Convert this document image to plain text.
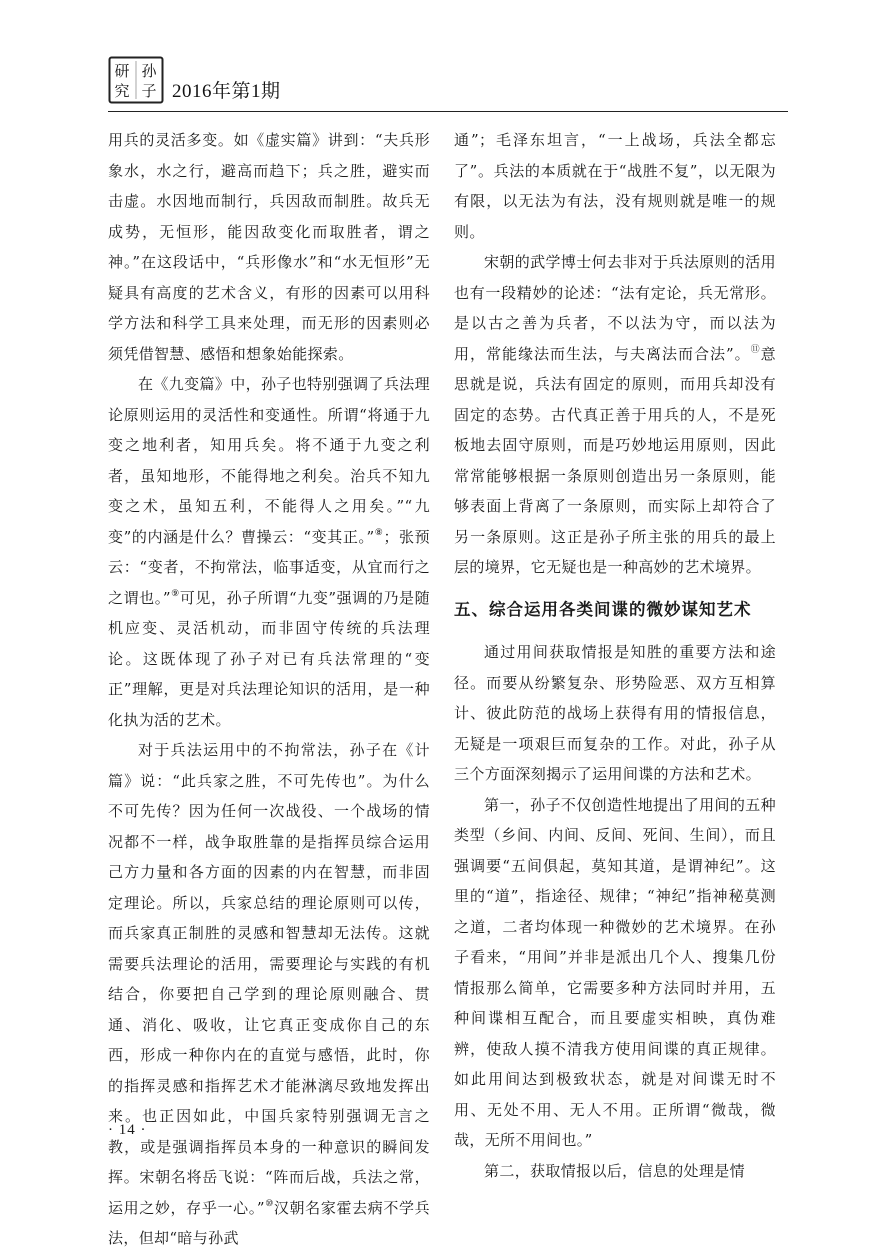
研
究
孙
子 2016年第1期

用兵的灵活多变。如《虚实篇》讲到：“夫兵形象水，水之行，避高而趋下；兵之胜，避实而击虚。水因地而制行，兵因敌而制胜。故兵无成势，无恒形，能因敌变化而取胜者，谓之神。”在这段话中，“兵形像水”和“水无恒形”无疑具有高度的艺术含义，有形的因素可以用科学方法和科学工具来处理，而无形的因素则必须凭借智慧、感悟和想象始能探索。

在《九变篇》中，孙子也特别强调了兵法理论原则运用的灵活性和变通性。所谓“将通于九变之地利者，知用兵矣。将不通于九变之利者，虽知地形，不能得地之利矣。治兵不知九变之术，虽知五利，不能得人之用矣。”“九变”的内涵是什么？曹操云：“变其正。”⑧；张预云：“变者，不拘常法，临事适变，从宜而行之之谓也。”⑨可见，孙子所谓“九变”强调的乃是随机应变、灵活机动，而非固守传统的兵法理论。这既体现了孙子对已有兵法常理的“变正”理解，更是对兵法理论知识的活用，是一种化执为活的艺术。

对于兵法运用中的不拘常法，孙子在《计篇》说：“此兵家之胜，不可先传也”。为什么不可先传？因为任何一次战役、一个战场的情况都不一样，战争取胜靠的是指挥员综合运用己方力量和各方面的因素的内在智慧，而非固定理论。所以，兵家总结的理论原则可以传，而兵家真正制胜的灵感和智慧却无法传。这就需要兵法理论的活用，需要理论与实践的有机结合，你要把自己学到的理论原则融合、贯通、消化、吸收，让它真正变成你自己的东西，形成一种你内在的直觉与感悟，此时，你的指挥灵感和指挥艺术才能淋漓尽致地发挥出来。也正因如此，中国兵家特别强调无言之教，或是强调指挥员本身的一种意识的瞬间发挥。宋朝名将岳飞说：“阵而后战，兵法之常，运用之妙，存乎一心。”⑩汉朝名家霍去病不学兵法，但却“暗与孙武

通”；毛泽东坦言，“一上战场，兵法全都忘了”。兵法的本质就在于“战胜不复”，以无限为有限，以无法为有法，没有规则就是唯一的规则。

宋朝的武学博士何去非对于兵法原则的活用也有一段精妙的论述：“法有定论，兵无常形。是以古之善为兵者，不以法为守，而以法为用，常能缘法而生法，与夫离法而合法”。⑪意思就是说，兵法有固定的原则，而用兵却没有固定的态势。古代真正善于用兵的人，不是死板地去固守原则，而是巧妙地运用原则，因此常常能够根据一条原则创造出另一条原则，能够表面上背离了一条原则，而实际上却符合了另一条原则。这正是孙子所主张的用兵的最上层的境界，它无疑也是一种高妙的艺术境界。

五、综合运用各类间谍的微妙谋知艺术

通过用间获取情报是知胜的重要方法和途径。而要从纷繁复杂、形势险恶、双方互相算计、彼此防范的战场上获得有用的情报信息，无疑是一项艰巨而复杂的工作。对此，孙子从三个方面深刻揭示了运用间谍的方法和艺术。

第一，孙子不仅创造性地提出了用间的五种类型（乡间、内间、反间、死间、生间），而且强调要“五间俱起，莫知其道，是谓神纪”。这里的“道”，指途径、规律；“神纪”指神秘莫测之道，二者均体现一种微妙的艺术境界。在孙子看来，“用间”并非是派出几个人、搜集几份情报那么简单，它需要多种方法同时并用，五种间谍相互配合，而且要虚实相映，真伪难辨，使敌人摸不清我方使用间谍的真正规律。如此用间达到极致状态，就是对间谍无时不用、无处不用、无人不用。正所谓“微哉，微哉，无所不用间也。”

第二，获取情报以后，信息的处理是情

· 14 ·
